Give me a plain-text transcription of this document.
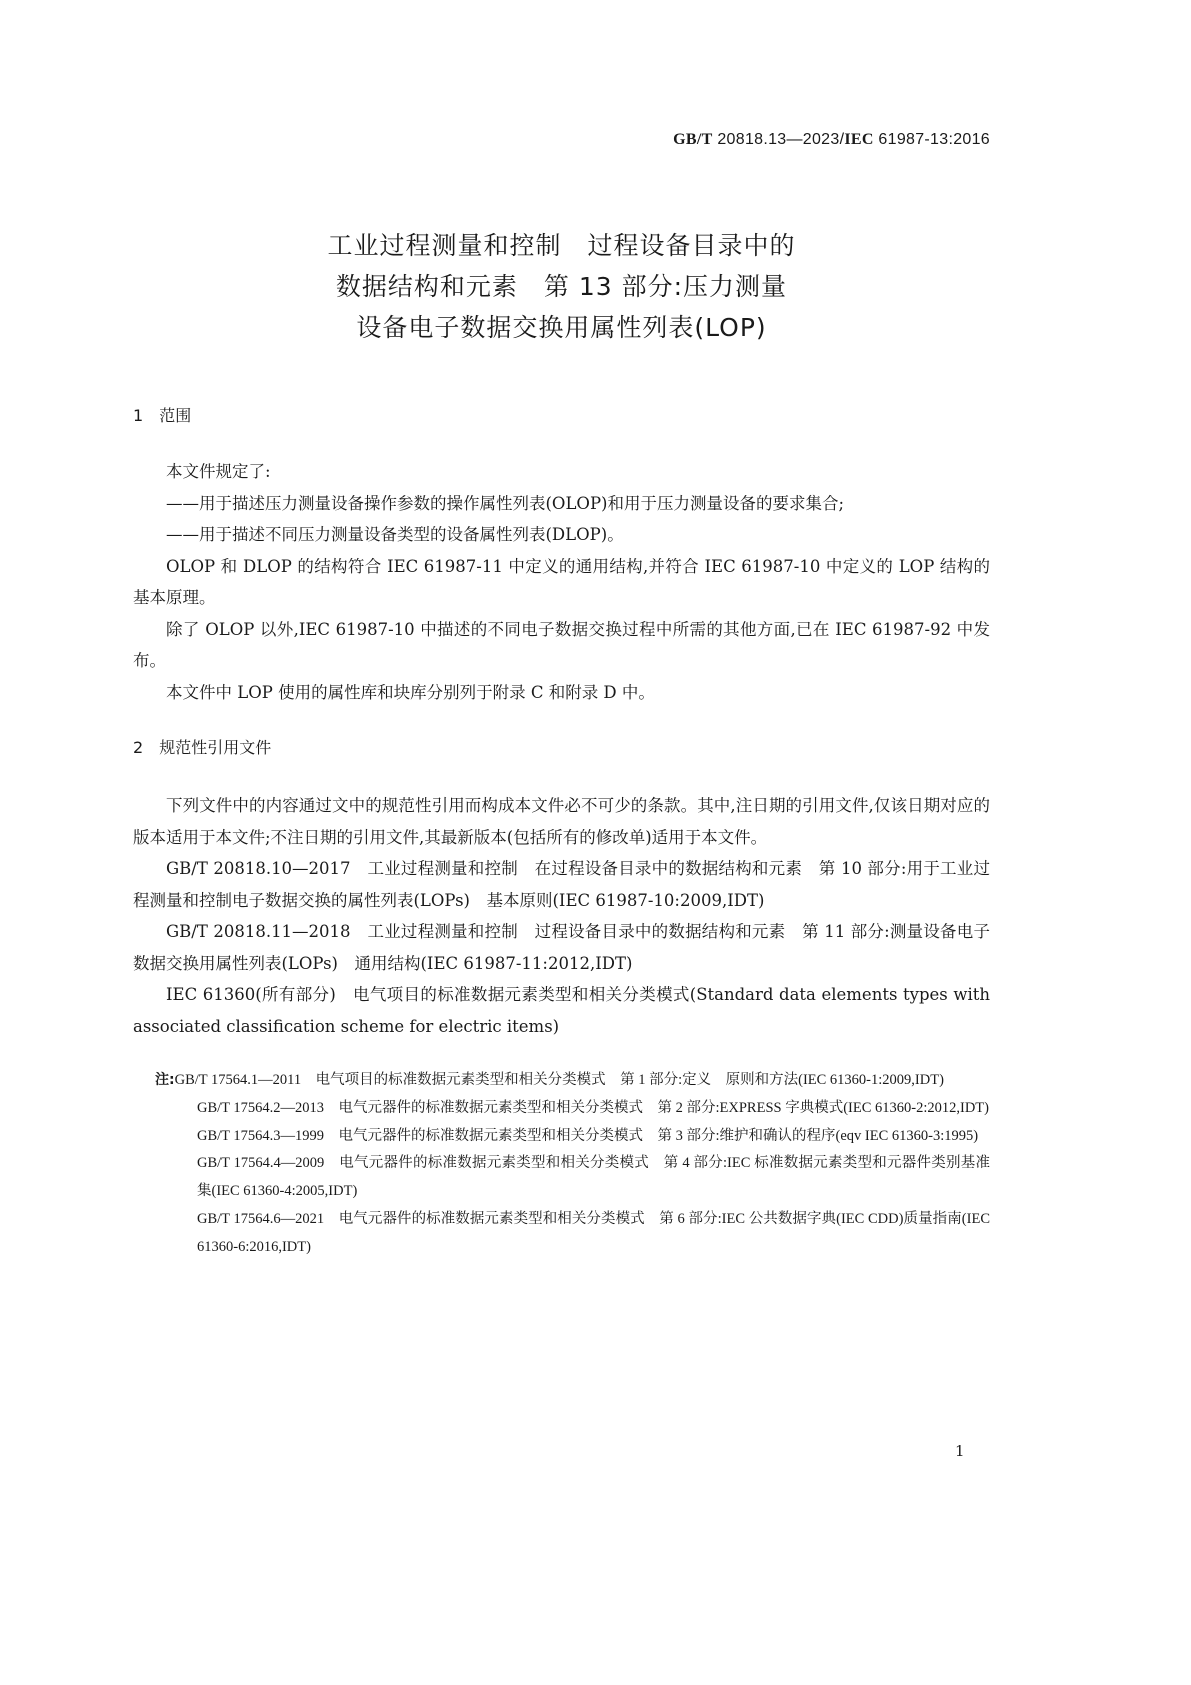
GB/T 20818.13—2023/IEC 61987-13:2016
工业过程测量和控制　过程设备目录中的
数据结构和元素　第 13 部分:压力测量
设备电子数据交换用属性列表(LOP)
1 范围

本文件规定了:

——用于描述压力测量设备操作参数的操作属性列表(OLOP)和用于压力测量设备的要求集合;

——用于描述不同压力测量设备类型的设备属性列表(DLOP)。

OLOP 和 DLOP 的结构符合 IEC 61987-11 中定义的通用结构,并符合 IEC 61987-10 中定义的 LOP 结构的基本原理。

除了 OLOP 以外,IEC 61987-10 中描述的不同电子数据交换过程中所需的其他方面,已在 IEC 61987-92 中发布。

本文件中 LOP 使用的属性库和块库分别列于附录 C 和附录 D 中。

2 规范性引用文件

下列文件中的内容通过文中的规范性引用而构成本文件必不可少的条款。其中,注日期的引用文件,仅该日期对应的版本适用于本文件;不注日期的引用文件,其最新版本(包括所有的修改单)适用于本文件。

GB/T 20818.10—2017　工业过程测量和控制　在过程设备目录中的数据结构和元素　第 10 部分:用于工业过程测量和控制电子数据交换的属性列表(LOPs)　基本原则(IEC 61987-10:2009,IDT)

GB/T 20818.11—2018　工业过程测量和控制　过程设备目录中的数据结构和元素　第 11 部分:测量设备电子数据交换用属性列表(LOPs)　通用结构(IEC 61987-11:2012,IDT)

IEC 61360(所有部分)　电气项目的标准数据元素类型和相关分类模式(Standard data elements types with associated classification scheme for electric items)

注:GB/T 17564.1—2011　电气项目的标准数据元素类型和相关分类模式　第 1 部分:定义　原则和方法(IEC 61360-1:2009,IDT)

GB/T 17564.2—2013　电气元器件的标准数据元素类型和相关分类模式　第 2 部分:EXPRESS 字典模式(IEC 61360-2:2012,IDT)

GB/T 17564.3—1999　电气元器件的标准数据元素类型和相关分类模式　第 3 部分:维护和确认的程序(eqv IEC 61360-3:1995)

GB/T 17564.4—2009　电气元器件的标准数据元素类型和相关分类模式　第 4 部分:IEC 标准数据元素类型和元器件类别基准集(IEC 61360-4:2005,IDT)

GB/T 17564.6—2021　电气元器件的标准数据元素类型和相关分类模式　第 6 部分:IEC 公共数据字典(IEC CDD)质量指南(IEC 61360-6:2016,IDT)

1
